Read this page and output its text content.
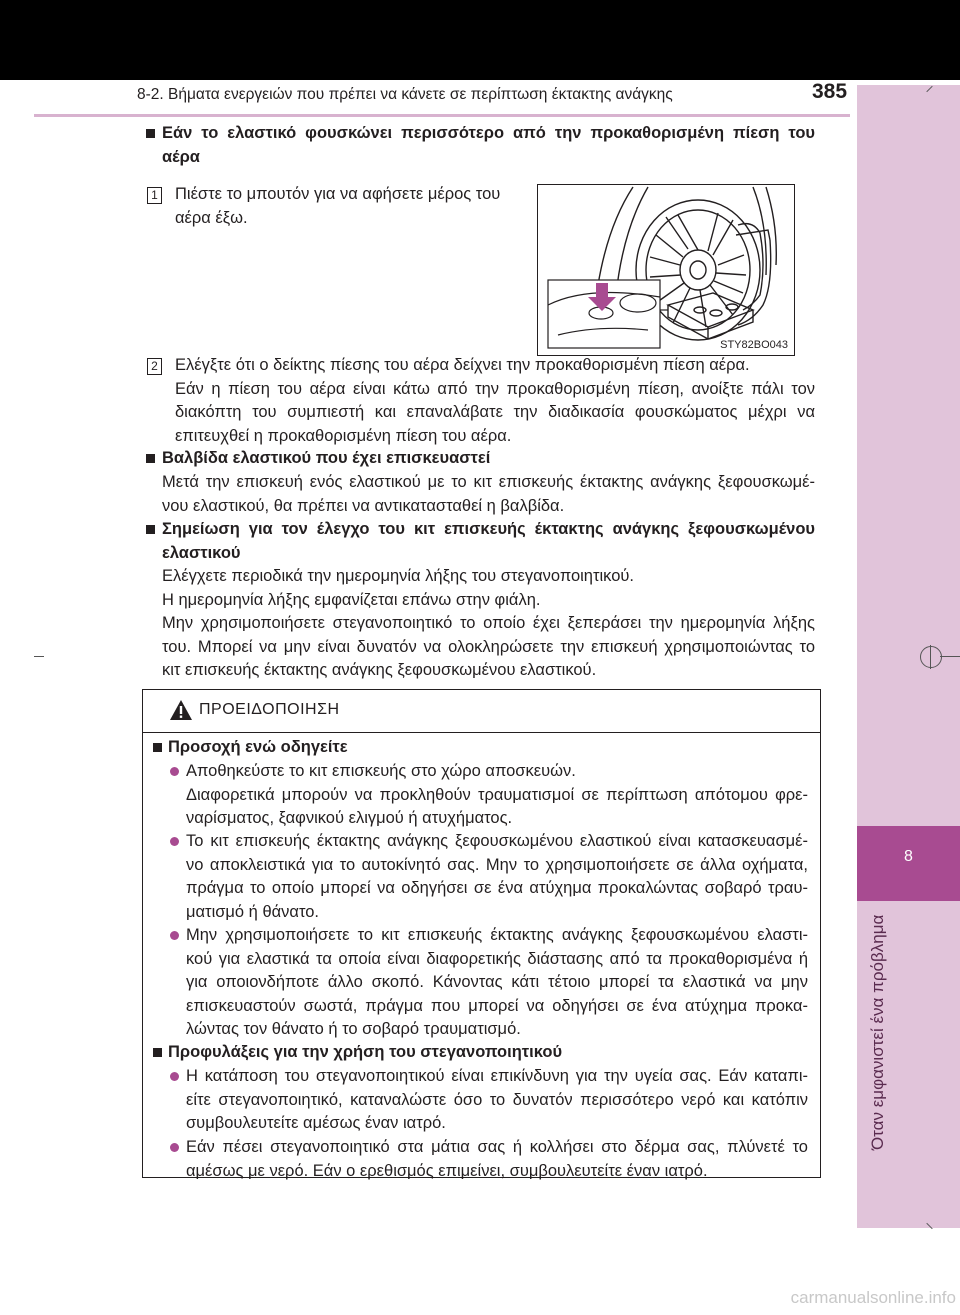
8-2. Βήματα ενεργειών που πρέπει να κάνετε σε περίπτωση έκτακτης ανάγκης	385
8
Όταν εμφανιστεί ένα πρόβλημα
Εάν το ελαστικό φουσκώνει περισσότερο από την προκαθορισμένη πίεση του
αέρα
1 Πιέστε το μπουτόν για να αφήσετε μέρος του
αέρα έξω.
STY82BO043
2 Ελέγξτε ότι ο δείκτης πίεσης του αέρα δείχνει την προκαθορισμένη πίεση αέρα.
Εάν η πίεση του αέρα είναι κάτω από την προκαθορισμένη πίεση, ανοίξτε πάλι τον
διακόπτη του συμπιεστή και επαναλάβατε την διαδικασία φουσκώματος μέχρι να
επιτευχθεί η προκαθορισμένη πίεση του αέρα.
Βαλβίδα ελαστικού που έχει επισκευαστεί
Μετά την επισκευή ενός ελαστικού με το κιτ επισκευής έκτακτης ανάγκης ξεφουσκωμέ-
νου ελαστικού, θα πρέπει να αντικατασταθεί η βαλβίδα.
Σημείωση για τον έλεγχο του κιτ επισκευής έκτακτης ανάγκης ξεφουσκωμένου
ελαστικού
Ελέγχετε περιοδικά την ημερομηνία λήξης του στεγανοποιητικού.
Η ημερομηνία λήξης εμφανίζεται επάνω στην φιάλη.
Μην χρησιμοποιήσετε στεγανοποιητικό το οποίο έχει ξεπεράσει την ημερομηνία λήξης
του. Μπορεί να μην είναι δυνατόν να ολοκληρώσετε την επισκευή χρησιμοποιώντας το
κιτ επισκευής έκτακτης ανάγκης ξεφουσκωμένου ελαστικού.
ΠΡΟΕΙΔΟΠΟΙΗΣΗ
Προσοχή ενώ οδηγείτε
Αποθηκεύστε το κιτ επισκευής στο χώρο αποσκευών.
Διαφορετικά μπορούν να προκληθούν τραυματισμοί σε περίπτωση απότομου φρε-
ναρίσματος, ξαφνικού ελιγμού ή ατυχήματος.
Το κιτ επισκευής έκτακτης ανάγκης ξεφουσκωμένου ελαστικού είναι κατασκευασμέ-
νο αποκλειστικά για το αυτοκίνητό σας. Μην το χρησιμοποιήσετε σε άλλα οχήματα,
πράγμα το οποίο μπορεί να οδηγήσει σε ένα ατύχημα προκαλώντας σοβαρό τραυ-
ματισμό ή θάνατο.
Μην χρησιμοποιήσετε το κιτ επισκευής έκτακτης ανάγκης ξεφουσκωμένου ελαστι-
κού για ελαστικά τα οποία είναι διαφορετικής διάστασης από τα προκαθορισμένα ή
για οποιονδήποτε άλλο σκοπό. Κάνοντας κάτι τέτοιο μπορεί τα ελαστικά να μην
επισκευαστούν σωστά, πράγμα που μπορεί να οδηγήσει σε ένα ατύχημα προκα-
λώντας τον θάνατο ή το σοβαρό τραυματισμό.
Προφυλάξεις για την χρήση του στεγανοποιητικού
Η κατάποση του στεγανοποιητικού είναι επικίνδυνη για την υγεία σας. Εάν καταπι-
είτε στεγανοποιητικό, καταναλώστε όσο το δυνατόν περισσότερο νερό και κατόπιν
συμβουλευτείτε αμέσως έναν ιατρό.
Εάν πέσει στεγανοποιητικό στα μάτια σας ή κολλήσει στο δέρμα σας, πλύνετέ το
αμέσως με νερό. Εάν ο ερεθισμός επιμείνει, συμβουλευτείτε έναν ιατρό.
carmanualsonline.info
